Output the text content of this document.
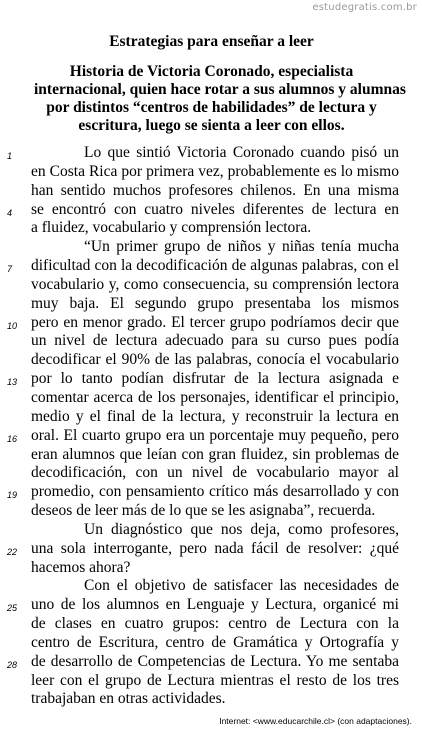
estudegratis.com.br
Estrategias para enseñar a leer
Historia de Victoria Coronado, especialista
internacional, quien hace rotar a sus alumnos y alumnas
por distintos “centros de habilidades” de lectura y
escritura, luego se sienta a leer con ellos.
1	Lo que sintió Victoria Coronado cuando pisó un
en Costa Rica por primera vez, probablemente es lo mismo
han sentido muchos profesores chilenos. En una misma
4	se encontró con cuatro niveles diferentes de lectura en
a fluidez, vocabulario y comprensión lectora.
“Un primer grupo de niños y niñas tenía mucha
7	dificultad con la decodificación de algunas palabras, con el
vocabulario y, como consecuencia, su comprensión lectora
muy baja. El segundo grupo presentaba los mismos
10 pero en menor grado. El tercer grupo podríamos decir que
un nivel de lectura adecuado para su curso pues podía
decodificar el 90% de las palabras, conocía el vocabulario
13 por lo tanto podían disfrutar de la lectura asignada e
comentar acerca de los personajes, identificar el principio,
medio y el final de la lectura, y reconstruir la lectura en
16 oral. El cuarto grupo era un porcentaje muy pequeño, pero
eran alumnos que leían con gran fluidez, sin problemas de
decodificación, con un nivel de vocabulario mayor al
19 promedio, con pensamiento crítico más desarrollado y con
deseos de leer más de lo que se les asignaba”, recuerda.
Un diagnóstico que nos deja, como profesores,
22 una sola interrogante, pero nada fácil de resolver: ¿qué
hacemos ahora?
Con el objetivo de satisfacer las necesidades de
25 uno de los alumnos en Lenguaje y Lectura, organicé mi
de clases en cuatro grupos: centro de Lectura con la
centro de Escritura, centro de Gramática y Ortografía y
28 de desarrollo de Competencias de Lectura. Yo me sentaba
leer con el grupo de Lectura mientras el resto de los tres
trabajaban en otras actividades.
Internet: <www.educarchile.cl> (con adaptaciones).
